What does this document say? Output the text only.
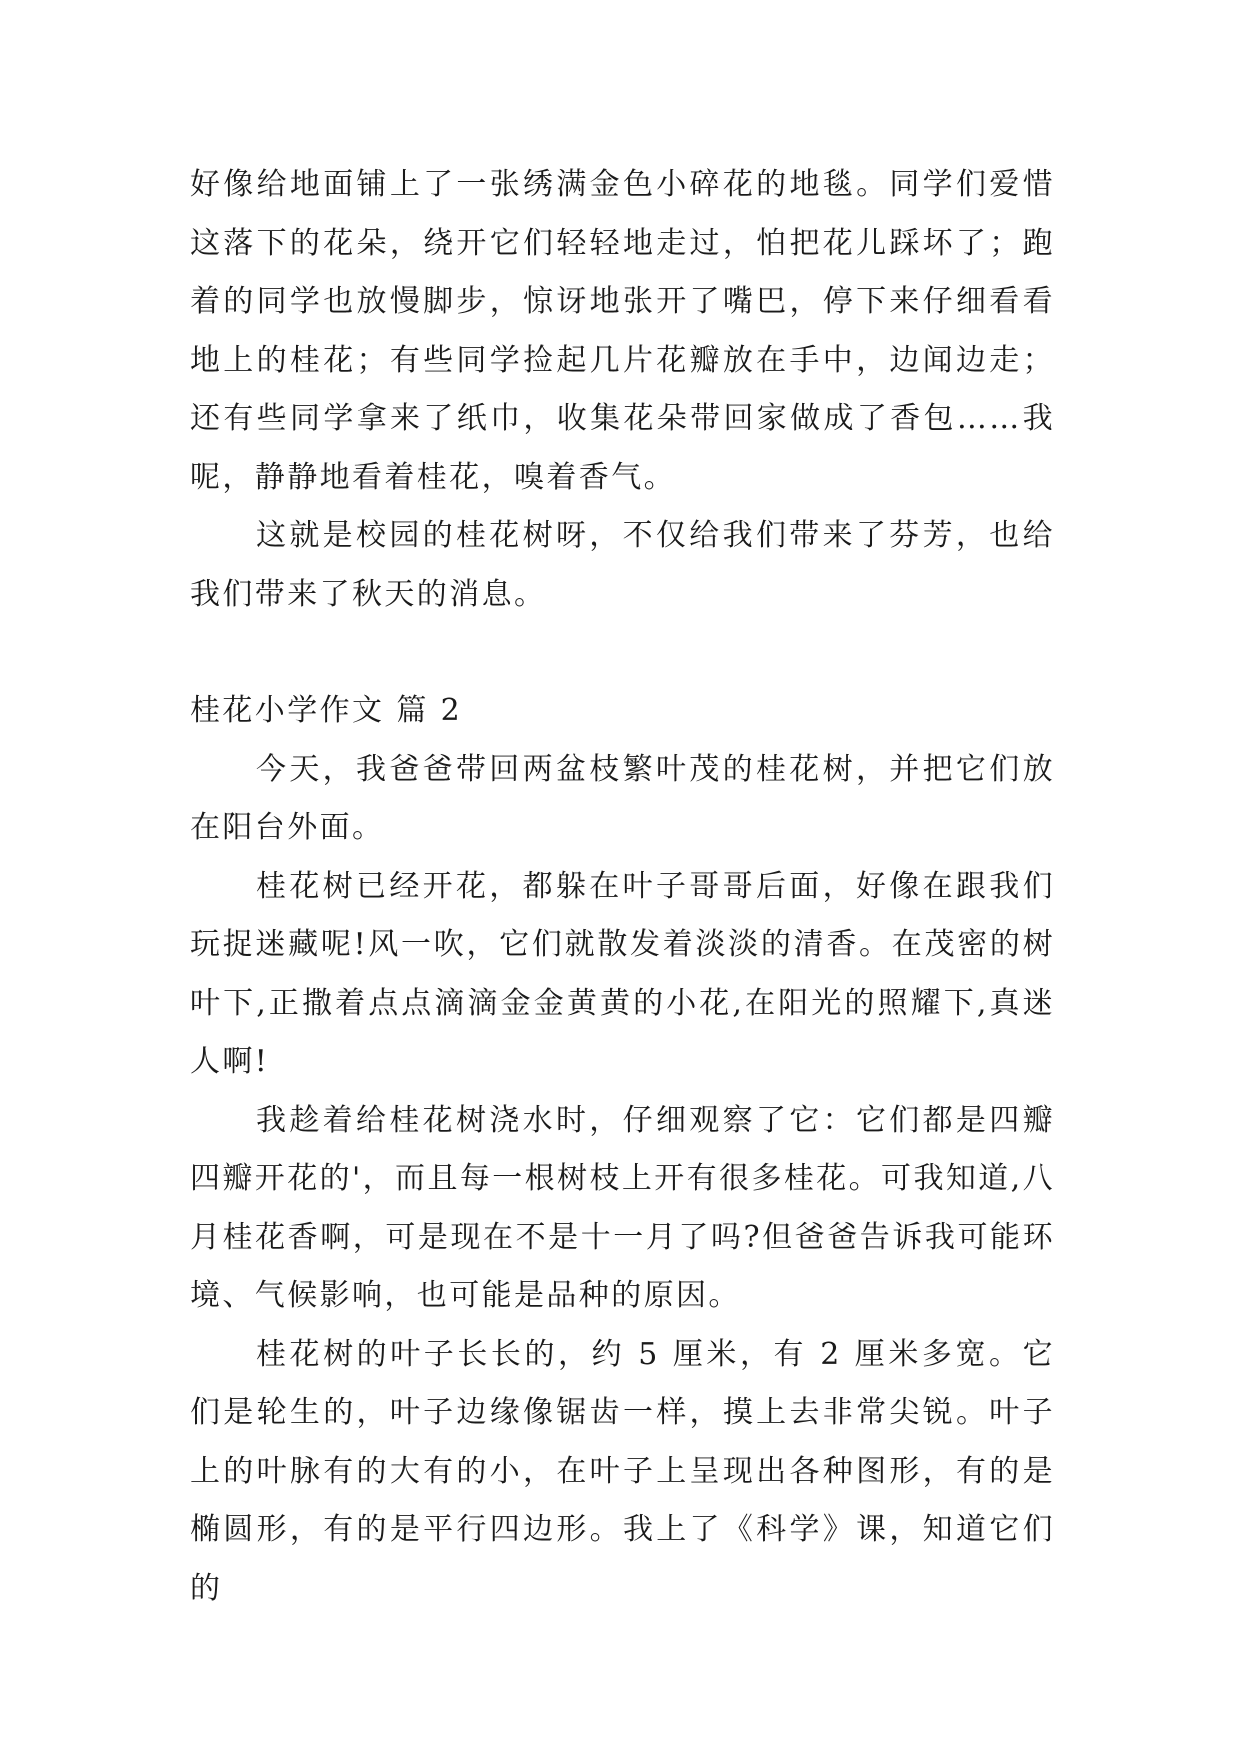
好像给地面铺上了一张绣满金色小碎花的地毯。同学们爱惜这落下的花朵，绕开它们轻轻地走过，怕把花儿踩坏了；跑着的同学也放慢脚步，惊讶地张开了嘴巴，停下来仔细看看地上的桂花；有些同学捡起几片花瓣放在手中，边闻边走；还有些同学拿来了纸巾，收集花朵带回家做成了香包……我呢，静静地看着桂花，嗅着香气。

这就是校园的桂花树呀，不仅给我们带来了芬芳，也给我们带来了秋天的消息。

桂花小学作文 篇 2

今天，我爸爸带回两盆枝繁叶茂的桂花树，并把它们放在阳台外面。

桂花树已经开花，都躲在叶子哥哥后面，好像在跟我们玩捉迷藏呢!风一吹，它们就散发着淡淡的清香。在茂密的树叶下,正撒着点点滴滴金金黄黄的小花,在阳光的照耀下,真迷人啊!

我趁着给桂花树浇水时，仔细观察了它：它们都是四瓣四瓣开花的'，而且每一根树枝上开有很多桂花。可我知道,八月桂花香啊，可是现在不是十一月了吗?但爸爸告诉我可能环境、气候影响，也可能是品种的原因。

桂花树的叶子长长的，约 5 厘米，有 2 厘米多宽。它们是轮生的，叶子边缘像锯齿一样，摸上去非常尖锐。叶子上的叶脉有的大有的小，在叶子上呈现出各种图形，有的是椭圆形，有的是平行四边形。我上了《科学》课，知道它们的
